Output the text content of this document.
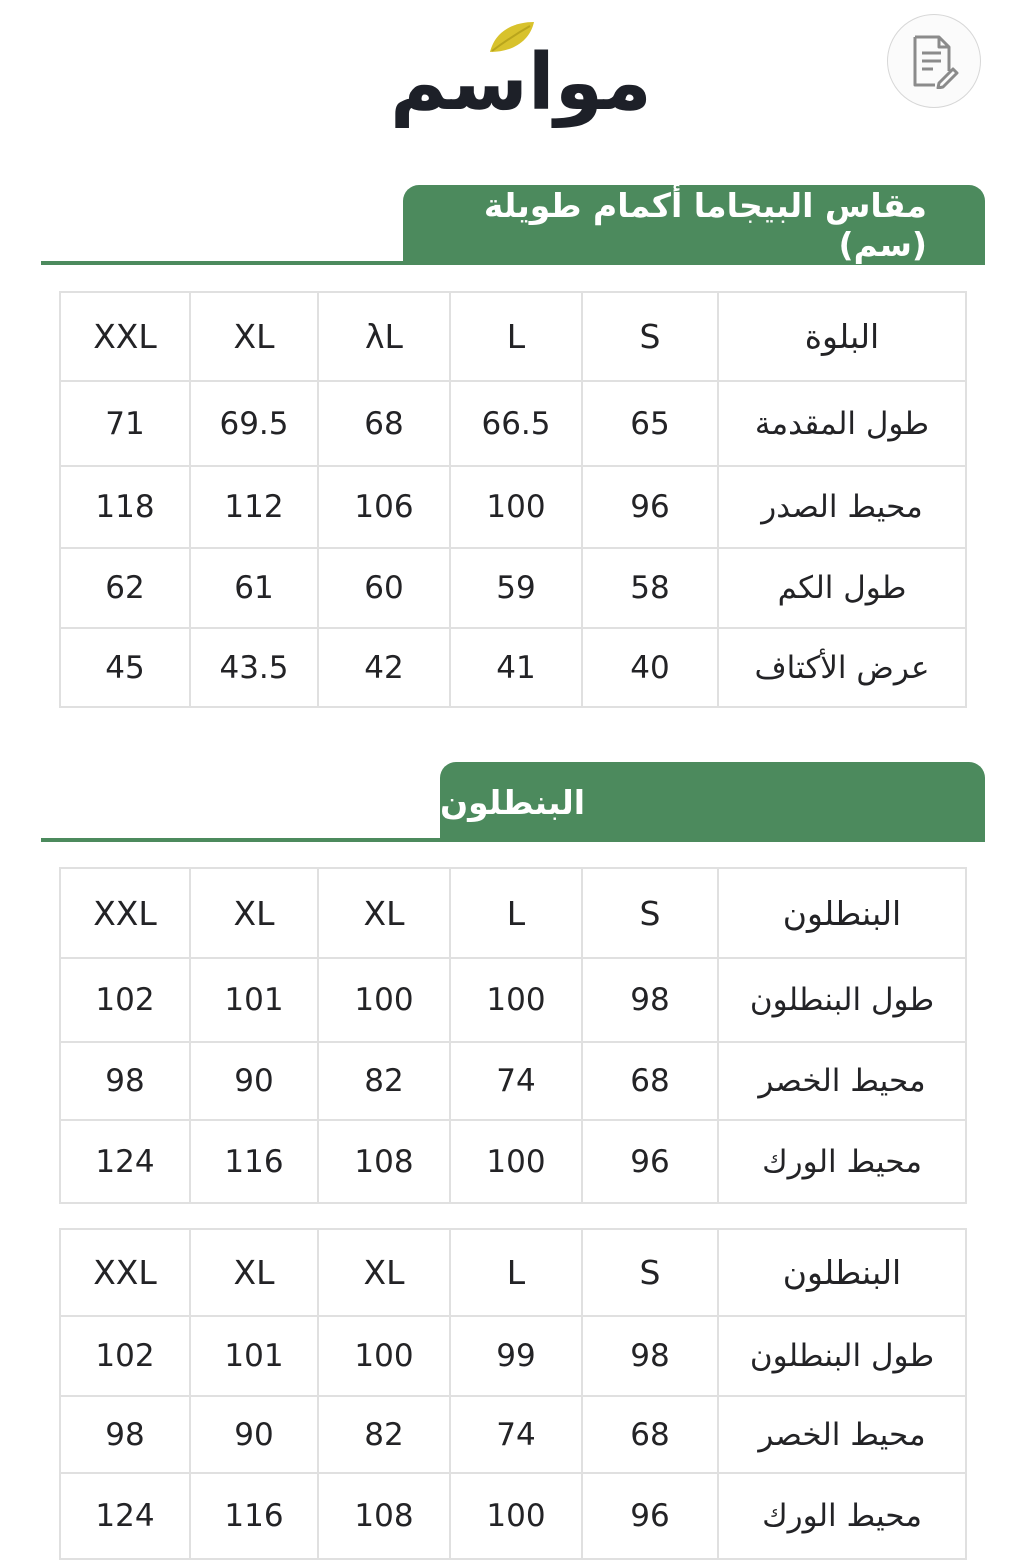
مواسم
مقاس البيجاما أكمام طويلة (سم)
XXL	XL	λL	L	S	البلوة
71	69.5	68	66.5	65	طول المقدمة
118	112	106	100	96	محيط الصدر
62	61	60	59	58	طول الكم
45	43.5	42	41	40	عرض الأكتاف
البنطلون
XXL	XL	XL	L	S	البنطلون
102	101	100	100	98	طول البنطلون
98	90	82	74	68	محيط الخصر
124	116	108	100	96	محيط الورك
XXL	XL	XL	L	S	البنطلون
102	101	100	99	98	طول البنطلون
98	90	82	74	68	محيط الخصر
124	116	108	100	96	محيط الورك
